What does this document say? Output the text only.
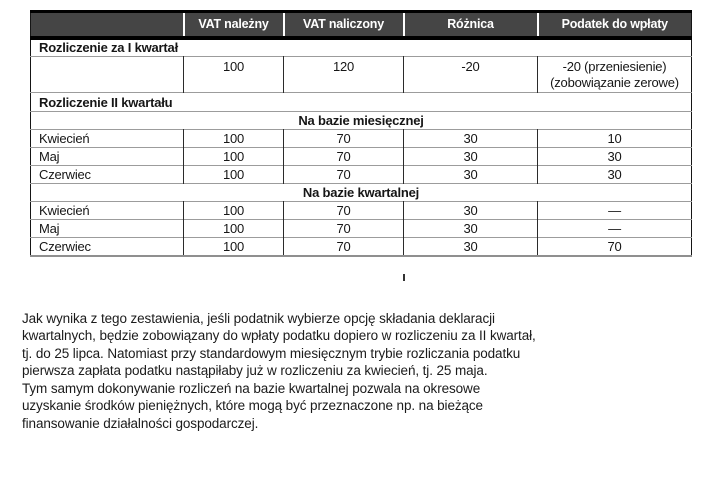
	VAT należny	VAT naliczony	Różnica	Podatek do wpłaty
Rozliczenie za I kwartał				
	100	120	-20	-20 (przeniesienie)
(zobowiązanie zerowe)

Rozliczenie II kwartału				
Na bazie miesięcznej				
Kwiecień	100	70	30	10
Maj	100	70	30	30
Czerwiec	100	70	30	30
Na bazie kwartalnej				
Kwiecień	100	70	30	—
Maj	100	70	30	—
Czerwiec	100	70	30	70
Jak wynika z tego zestawienia, jeśli podatnik wybierze opcję składania deklaracji
kwartalnych, będzie zobowiązany do wpłaty podatku dopiero w rozliczeniu za II kwartał,
tj. do 25 lipca. Natomiast przy standardowym miesięcznym trybie rozliczania podatku
pierwsza zapłata podatku nastąpiłaby już w rozliczeniu za kwiecień, tj. 25 maja.
Tym samym dokonywanie rozliczeń na bazie kwartalnej pozwala na okresowe
uzyskanie środków pieniężnych, które mogą być przeznaczone np. na bieżące
finansowanie działalności gospodarczej.
